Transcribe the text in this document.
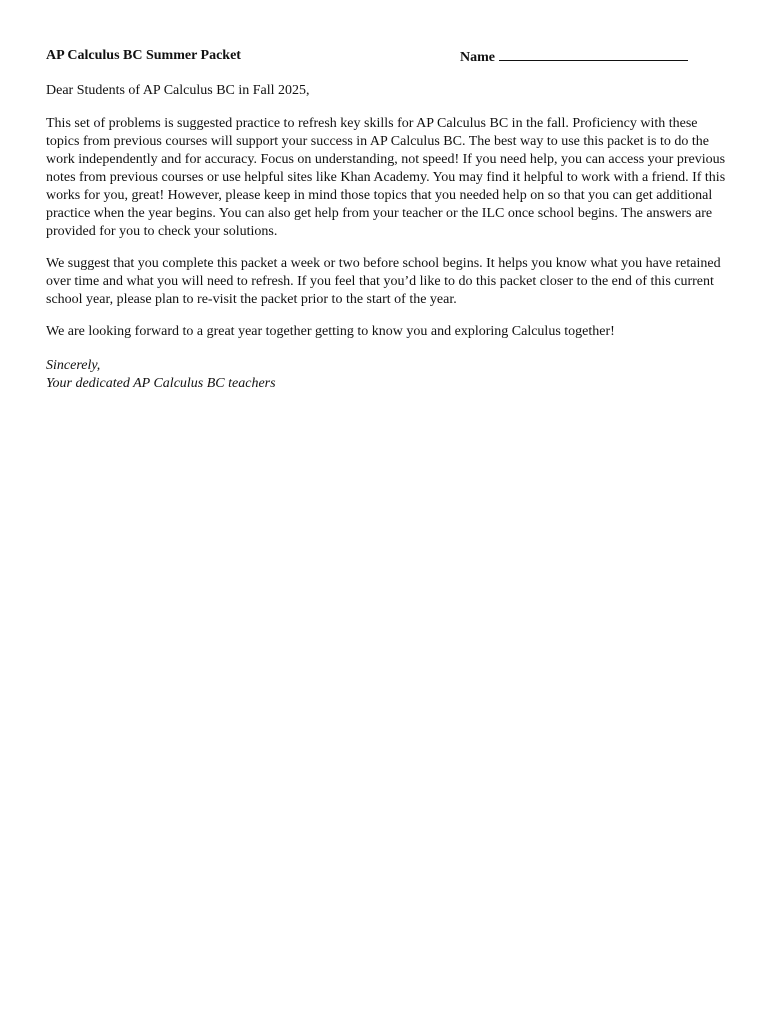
AP Calculus BC Summer Packet	Name

Dear Students of AP Calculus BC in Fall 2025,

This set of problems is suggested practice to refresh key skills for AP Calculus BC in the fall. Proficiency with these topics from previous courses will support your success in AP Calculus BC. The best way to use this packet is to do the work independently and for accuracy. Focus on understanding, not speed! If you need help, you can access your previous notes from previous courses or use helpful sites like Khan Academy. You may find it helpful to work with a friend. If this works for you, great! However, please keep in mind those topics that you needed help on so that you can get additional practice when the year begins. You can also get help from your teacher or the ILC once school begins. The answers are provided for you to check your solutions.

We suggest that you complete this packet a week or two before school begins. It helps you know what you have retained over time and what you will need to refresh. If you feel that you’d like to do this packet closer to the end of this current school year, please plan to re-visit the packet prior to the start of the year.

We are looking forward to a great year together getting to know you and exploring Calculus together!

Sincerely,

Your dedicated AP Calculus BC teachers
